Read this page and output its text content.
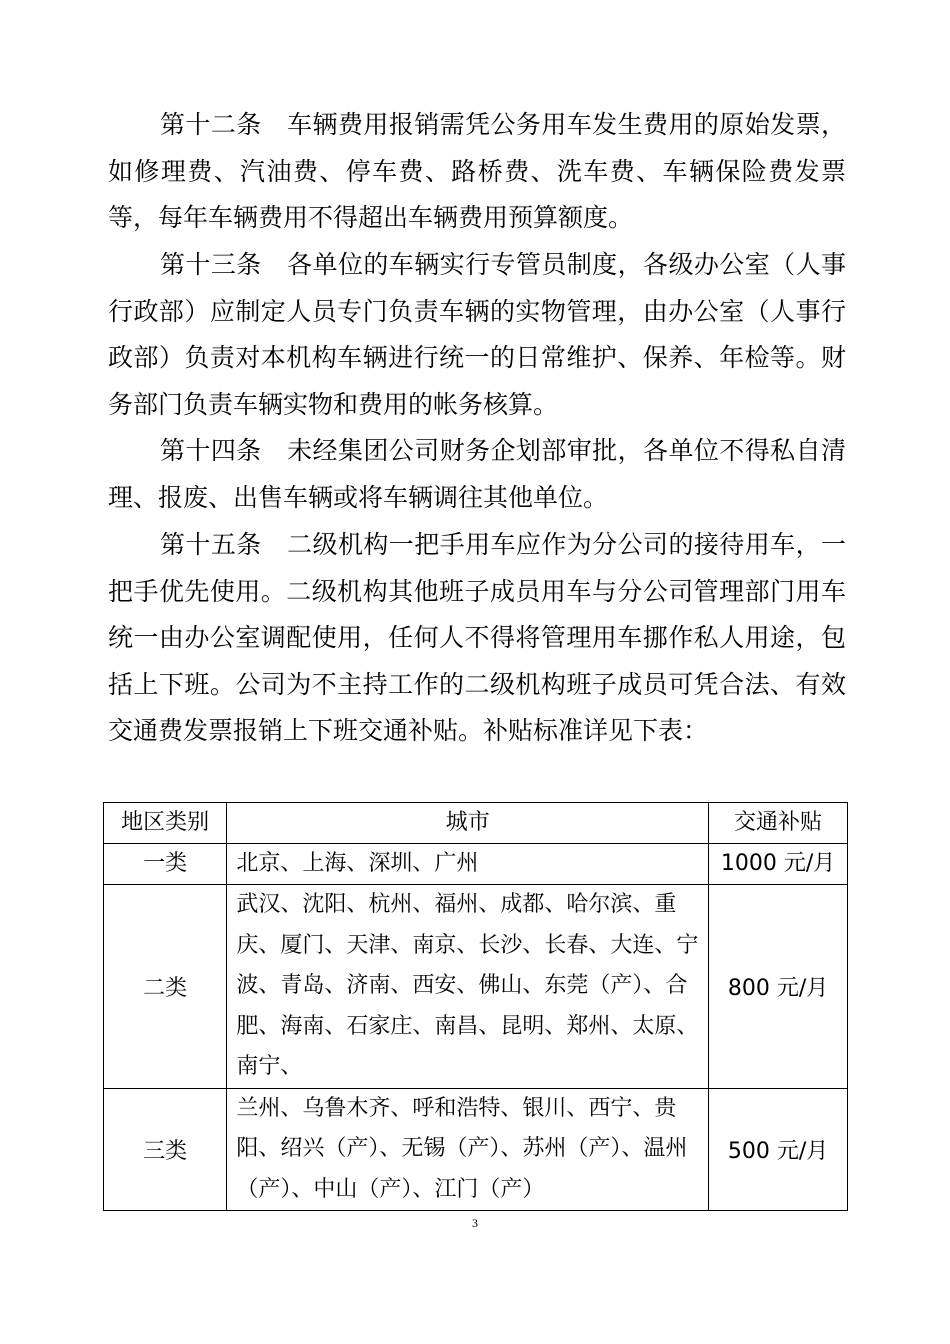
第十二条　车辆费用报销需凭公务用车发生费用的原始发票，如修理费、汽油费、停车费、路桥费、洗车费、车辆保险费发票等，每年车辆费用不得超出车辆费用预算额度。

第十三条　各单位的车辆实行专管员制度，各级办公室（人事行政部）应制定人员专门负责车辆的实物管理，由办公室（人事行政部）负责对本机构车辆进行统一的日常维护、保养、年检等。财务部门负责车辆实物和费用的帐务核算。

第十四条　未经集团公司财务企划部审批，各单位不得私自清理、报废、出售车辆或将车辆调往其他单位。

第十五条　二级机构一把手用车应作为分公司的接待用车，一把手优先使用。二级机构其他班子成员用车与分公司管理部门用车统一由办公室调配使用，任何人不得将管理用车挪作私人用途，包括上下班。公司为不主持工作的二级机构班子成员可凭合法、有效交通费发票报销上下班交通补贴。补贴标准详见下表：

地区类别	城市	交通补贴
一类	北京、上海、深圳、广州	1000 元/月
二类	武汉、沈阳、杭州、福州、成都、哈尔滨、重庆、厦门、天津、南京、长沙、长春、大连、宁波、青岛、济南、西安、佛山、东莞（产）、合肥、海南、石家庄、南昌、昆明、郑州、太原、南宁、	800 元/月
三类	兰州、乌鲁木齐、呼和浩特、银川、西宁、贵阳、绍兴（产）、无锡（产）、苏州（产）、温州（产）、中山（产）、江门（产）	500 元/月
3
